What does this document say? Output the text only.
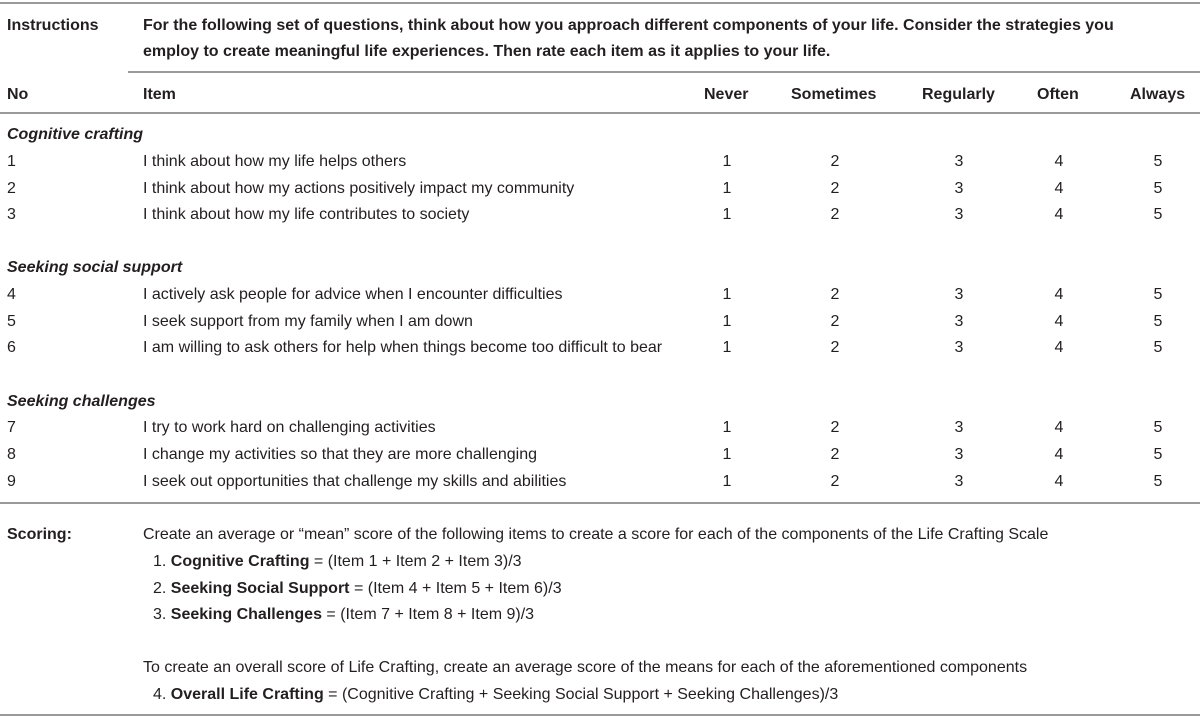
Instructions	For the following set of questions, think about how you approach different components of your life. Consider the strategies you
employ to create meaningful life experiences. Then rate each item as it applies to your life.
No	Item	Never	Sometimes	Regularly	Often	Always
Cognitive crafting
1	I think about how my life helps others	1	2	3	4	5
2	I think about how my actions positively impact my community	1	2	3	4	5
3	I think about how my life contributes to society	1	2	3	4	5
Seeking social support
4	I actively ask people for advice when I encounter difficulties	1	2	3	4	5
5	I seek support from my family when I am down	1	2	3	4	5
6	I am willing to ask others for help when things become too difficult to bear	1	2	3	4	5
Seeking challenges
7	I try to work hard on challenging activities	1	2	3	4	5
8	I change my activities so that they are more challenging	1	2	3	4	5
9	I seek out opportunities that challenge my skills and abilities	1	2	3	4	5
Scoring:	Create an average or “mean” score of the following items to create a score for each of the components of the Life Crafting Scale
1. Cognitive Crafting = (Item 1 + Item 2 + Item 3)/3
2. Seeking Social Support = (Item 4 + Item 5 + Item 6)/3
3. Seeking Challenges = (Item 7 + Item 8 + Item 9)/3
To create an overall score of Life Crafting, create an average score of the means for each of the aforementioned components
4. Overall Life Crafting = (Cognitive Crafting + Seeking Social Support + Seeking Challenges)/3
